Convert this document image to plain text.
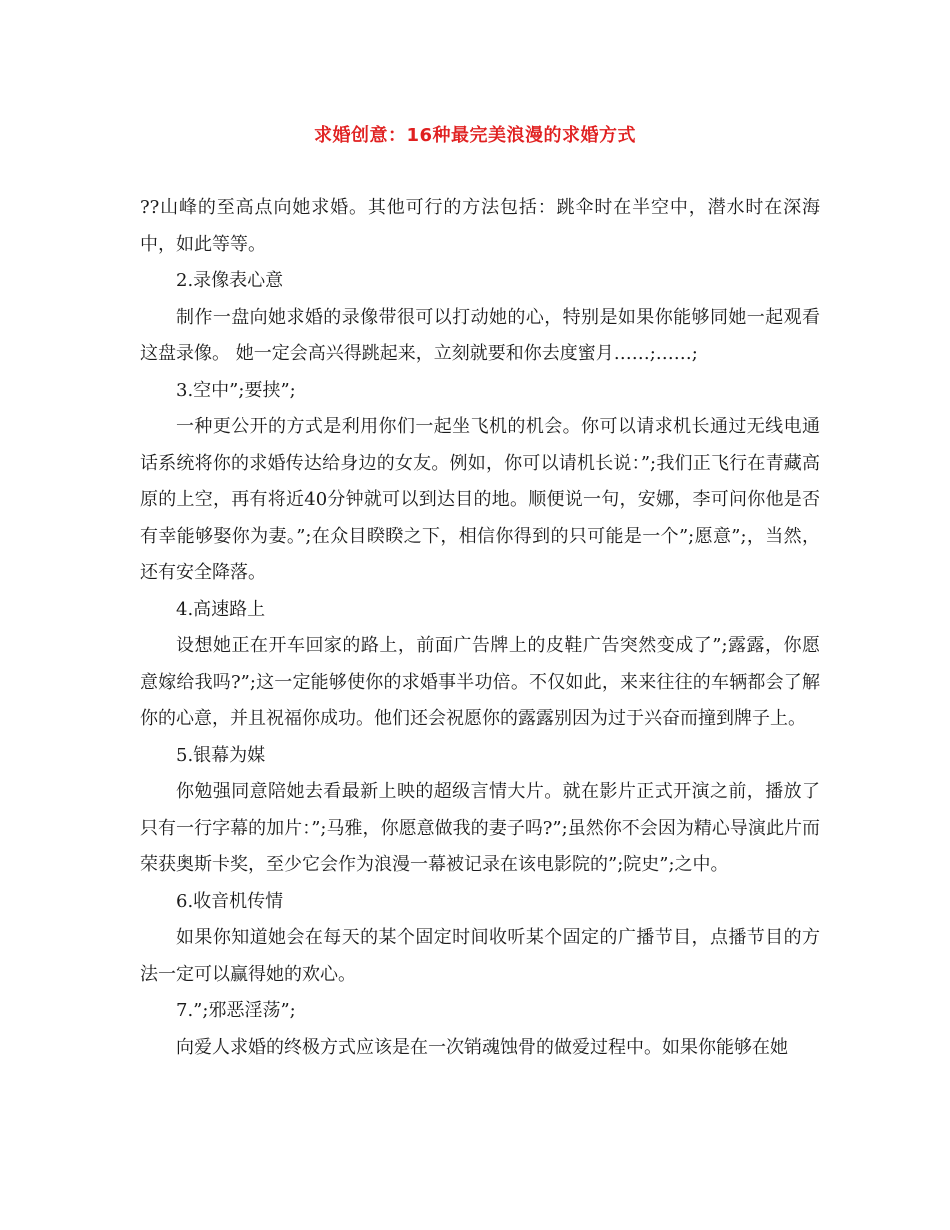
求婚创意：16种最完美浪漫的求婚方式

??山峰的至高点向她求婚。其他可行的方法包括：跳伞时在半空中，潜水时在深海中，如此等等。

2.录像表心意

制作一盘向她求婚的录像带很可以打动她的心，特别是如果你能够同她一起观看这盘录像。 她一定会高兴得跳起来，立刻就要和你去度蜜月……;……;

3.空中”;要挟”;

一种更公开的方式是利用你们一起坐飞机的机会。你可以请求机长通过无线电通话系统将你的求婚传达给身边的女友。例如，你可以请机长说：”;我们正飞行在青藏高原的上空，再有将近40分钟就可以到达目的地。顺便说一句，安娜，李可问你他是否有幸能够娶你为妻。”;在众目睽睽之下，相信你得到的只可能是一个”;愿意”;，当然，还有安全降落。

4.高速路上

设想她正在开车回家的路上，前面广告牌上的皮鞋广告突然变成了”;露露，你愿意嫁给我吗?”;这一定能够使你的求婚事半功倍。不仅如此，来来往往的车辆都会了解你的心意，并且祝福你成功。他们还会祝愿你的露露别因为过于兴奋而撞到牌子上。

5.银幕为媒

你勉强同意陪她去看最新上映的超级言情大片。就在影片正式开演之前，播放了只有一行字幕的加片：”;马雅，你愿意做我的妻子吗?”;虽然你不会因为精心导演此片而荣获奥斯卡奖，至少它会作为浪漫一幕被记录在该电影院的”;院史”;之中。

6.收音机传情

如果你知道她会在每天的某个固定时间收听某个固定的广播节目，点播节目的方法一定可以赢得她的欢心。

7.”;邪恶淫荡”;

向爱人求婚的终极方式应该是在一次销魂蚀骨的做爱过程中。如果你能够在她
